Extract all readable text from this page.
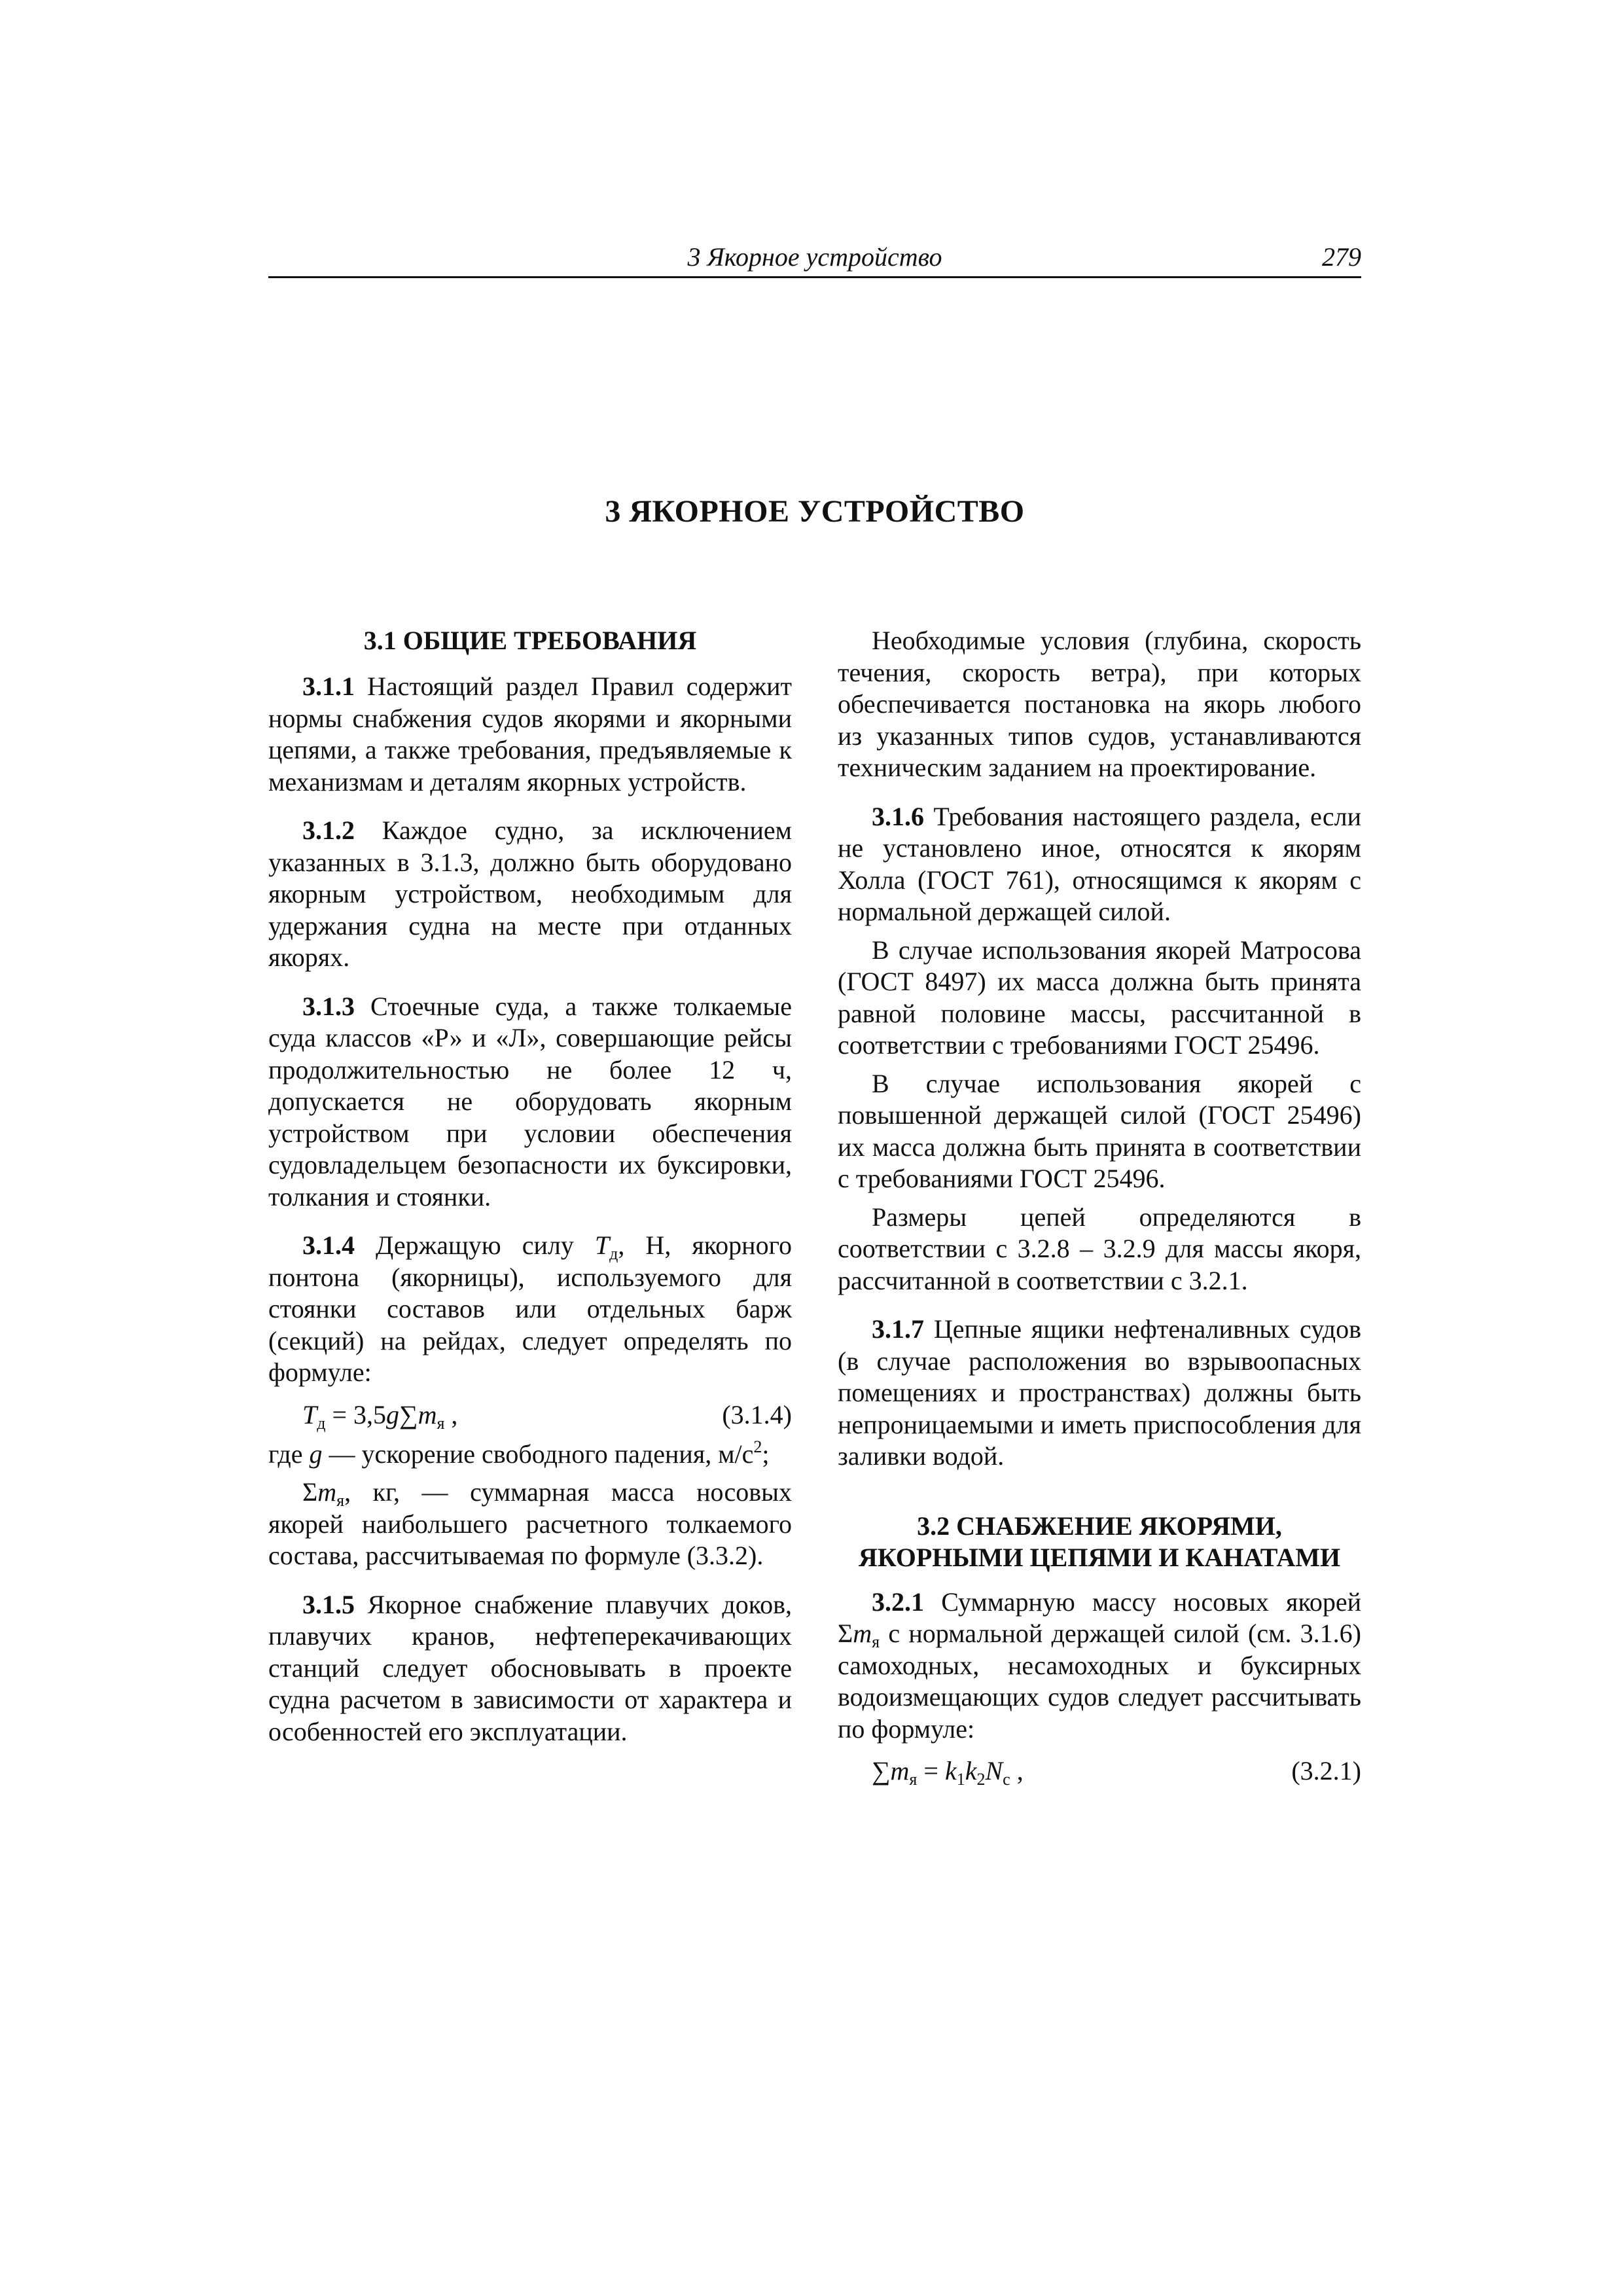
3 Якорное устройство	279
3 ЯКОРНОЕ УСТРОЙСТВО
3.1 ОБЩИЕ ТРЕБОВАНИЯ

3.1.1 Настоящий раздел Правил содержит нормы снабжения судов якорями и якорными цепями, а также требования, предъявляемые к механизмам и деталям якорных устройств.

3.1.2 Каждое судно, за исключением указанных в 3.1.3, должно быть оборудовано якорным устройством, необходимым для удержания судна на месте при отданных якорях.

3.1.3 Стоечные суда, а также толкаемые суда классов «Р» и «Л», совершающие рейсы продолжительностью не более 12 ч, допускается не оборудовать якорным устройством при условии обеспечения судовладельцем безопасности их буксировки, толкания и стоянки.

3.1.4 Держащую силу $T_д$, Н, якорного понтона (якорницы), используемого для стоянки составов или отдельных барж (секций) на рейдах, следует определять по формуле:

$T_д = 3,5g\sum m_я$ ,	(3.1.4)

где g — ускорение свободного падения, $м/с^2$;

$\Sigma m_я$, кг, — суммарная масса носовых якорей наибольшего расчетного толкаемого состава, рассчитываемая по формуле (3.3.2).

3.1.5 Якорное снабжение плавучих доков, плавучих кранов, нефтеперекачивающих станций следует обосновывать в проекте судна расчетом в зависимости от характера и особенностей его эксплуатации.

Необходимые условия (глубина, скорость течения, скорость ветра), при которых обеспечивается постановка на якорь любого из указанных типов судов, устанавливаются техническим заданием на проектирование.

3.1.6 Требования настоящего раздела, если не установлено иное, относятся к якорям Холла (ГОСТ 761), относящимся к якорям с нормальной держащей силой.

В случае использования якорей Матросова (ГОСТ 8497) их масса должна быть принята равной половине массы, рассчитанной в соответствии с требованиями ГОСТ 25496.

В случае использования якорей с повышенной держащей силой (ГОСТ 25496) их масса должна быть принята в соответствии с требованиями ГОСТ 25496.

Размеры цепей определяются в соответствии с 3.2.8 – 3.2.9 для массы якоря, рассчитанной в соответствии с 3.2.1.

3.1.7 Цепные ящики нефтеналивных судов (в случае расположения во взрывоопасных помещениях и пространствах) должны быть непроницаемыми и иметь приспособления для заливки водой.

3.2 СНАБЖЕНИЕ ЯКОРЯМИ,
ЯКОРНЫМИ ЦЕПЯМИ И КАНАТАМИ

3.2.1 Суммарную массу носовых якорей $\Sigma m_я$ с нормальной держащей силой (см. 3.1.6) самоходных, несамоходных и буксирных водоизмещающих судов следует рассчитывать по формуле:

$\sum m_я = k_1k_2N_с$ ,	(3.2.1)
